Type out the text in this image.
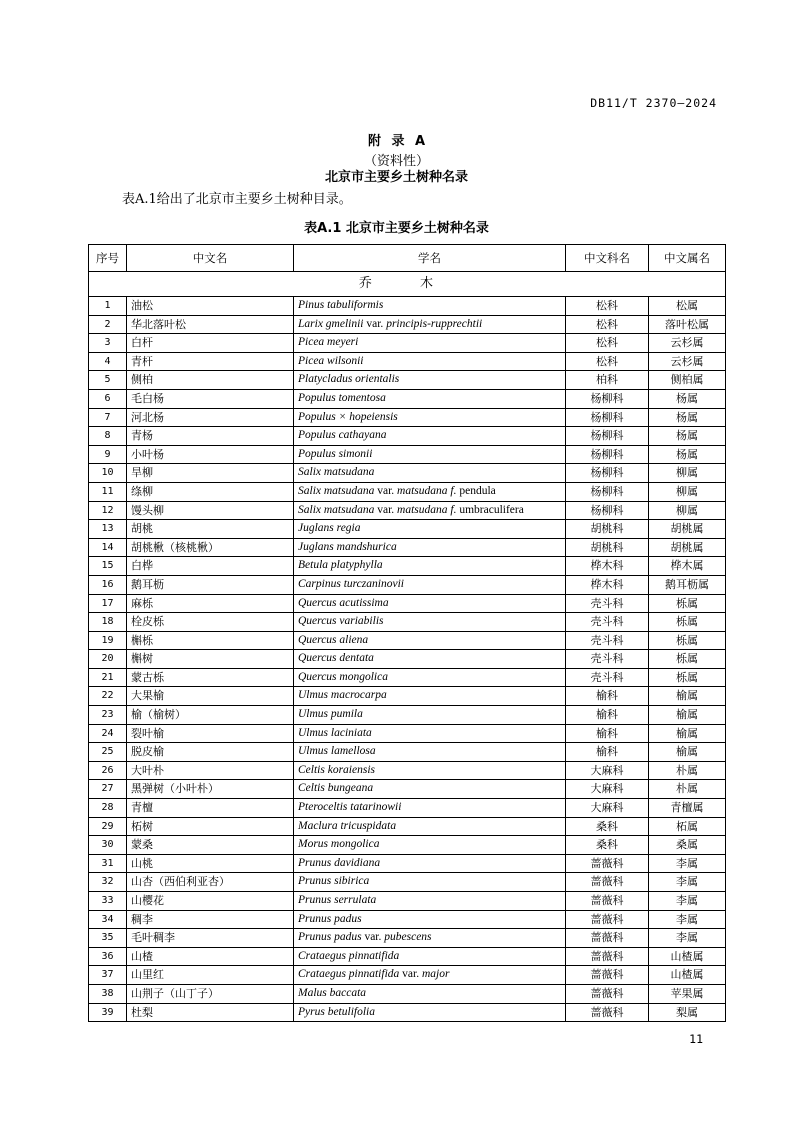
DB11/T 2370—2024
附 录 A
（资料性）
北京市主要乡土树种名录
表A.1给出了北京市主要乡土树种目录。
表A.1 北京市主要乡土树种名录
序号	中文名	学名	中文科名	中文属名
乔 木				
1	油松	Pinus tabuliformis	松科	松属
2	华北落叶松	Larix gmelinii var. principis-rupprechtii	松科	落叶松属
3	白杆	Picea meyeri	松科	云杉属
4	青杆	Picea wilsonii	松科	云杉属
5	侧柏	Platycladus orientalis	柏科	侧柏属
6	毛白杨	Populus tomentosa	杨柳科	杨属
7	河北杨	Populus × hopeiensis	杨柳科	杨属
8	青杨	Populus cathayana	杨柳科	杨属
9	小叶杨	Populus simonii	杨柳科	杨属
10	旱柳	Salix matsudana	杨柳科	柳属
11	绦柳	Salix matsudana var. matsudana f. pendula	杨柳科	柳属
12	馒头柳	Salix matsudana var. matsudana f. umbraculifera	杨柳科	柳属
13	胡桃	Juglans regia	胡桃科	胡桃属
14	胡桃楸（核桃楸）	Juglans mandshurica	胡桃科	胡桃属
15	白桦	Betula platyphylla	桦木科	桦木属
16	鹅耳枥	Carpinus turczaninovii	桦木科	鹅耳枥属
17	麻栎	Quercus acutissima	壳斗科	栎属
18	栓皮栎	Quercus variabilis	壳斗科	栎属
19	槲栎	Quercus aliena	壳斗科	栎属
20	槲树	Quercus dentata	壳斗科	栎属
21	蒙古栎	Quercus mongolica	壳斗科	栎属
22	大果榆	Ulmus macrocarpa	榆科	榆属
23	榆（榆树）	Ulmus pumila	榆科	榆属
24	裂叶榆	Ulmus laciniata	榆科	榆属
25	脱皮榆	Ulmus lamellosa	榆科	榆属
26	大叶朴	Celtis koraiensis	大麻科	朴属
27	黑弹树（小叶朴）	Celtis bungeana	大麻科	朴属
28	青檀	Pteroceltis tatarinowii	大麻科	青檀属
29	柘树	Maclura tricuspidata	桑科	柘属
30	蒙桑	Morus mongolica	桑科	桑属
31	山桃	Prunus davidiana	蔷薇科	李属
32	山杏（西伯利亚杏）	Prunus sibirica	蔷薇科	李属
33	山樱花	Prunus serrulata	蔷薇科	李属
34	稠李	Prunus padus	蔷薇科	李属
35	毛叶稠李	Prunus padus var. pubescens	蔷薇科	李属
36	山楂	Crataegus pinnatifida	蔷薇科	山楂属
37	山里红	Crataegus pinnatifida var. major	蔷薇科	山楂属
38	山荆子（山丁子）	Malus baccata	蔷薇科	苹果属
39	杜梨	Pyrus betulifolia	蔷薇科	梨属
11
